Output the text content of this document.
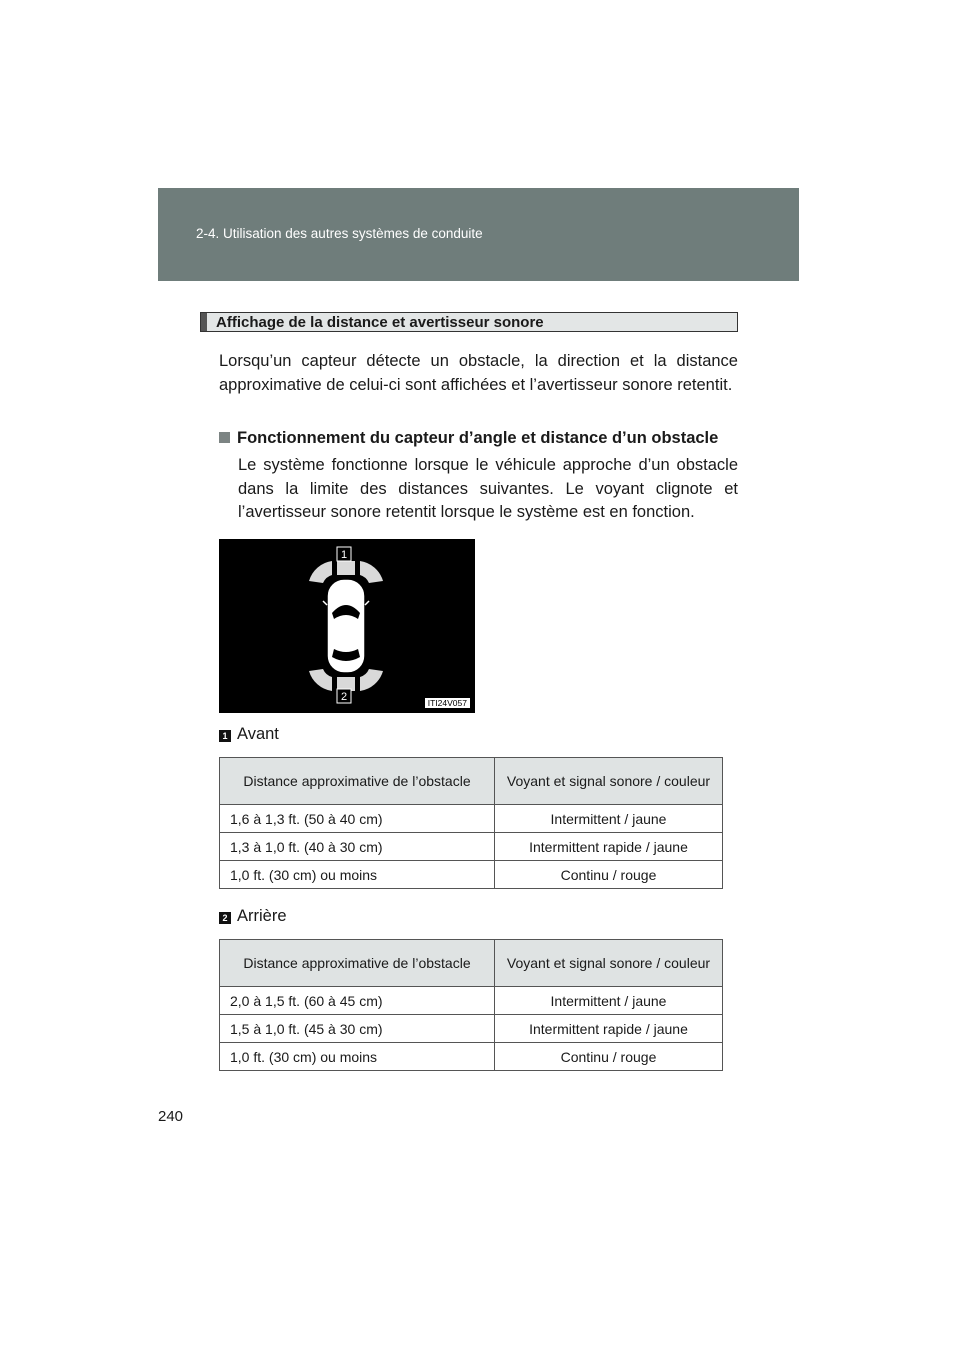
2-4. Utilisation des autres systèmes de conduite
Affichage de la distance et avertisseur sonore
Lorsqu’un capteur détecte un obstacle, la direction et la distance approximative de celui-ci sont affichées et l’avertisseur sonore retentit.
Fonctionnement du capteur d’angle et distance d’un obstacle
Le système fonctionne lorsque le véhicule approche d’un obstacle dans la limite des distances suivantes. Le voyant clignote et l’avertisseur sonore retentit lorsque le système est en fonction.
1
2	ITI24V057
1 Avant
Distance approximative de l’obstacle	Voyant et signal sonore / couleur
1,6 à 1,3 ft. (50 à 40 cm)	Intermittent / jaune
1,3 à 1,0 ft. (40 à 30 cm)	Intermittent rapide / jaune
1,0 ft. (30 cm) ou moins	Continu / rouge
2 Arrière
Distance approximative de l’obstacle	Voyant et signal sonore / couleur
2,0 à 1,5 ft. (60 à 45 cm)	Intermittent / jaune
1,5 à 1,0 ft. (45 à 30 cm)	Intermittent rapide / jaune
1,0 ft. (30 cm) ou moins	Continu / rouge
240
